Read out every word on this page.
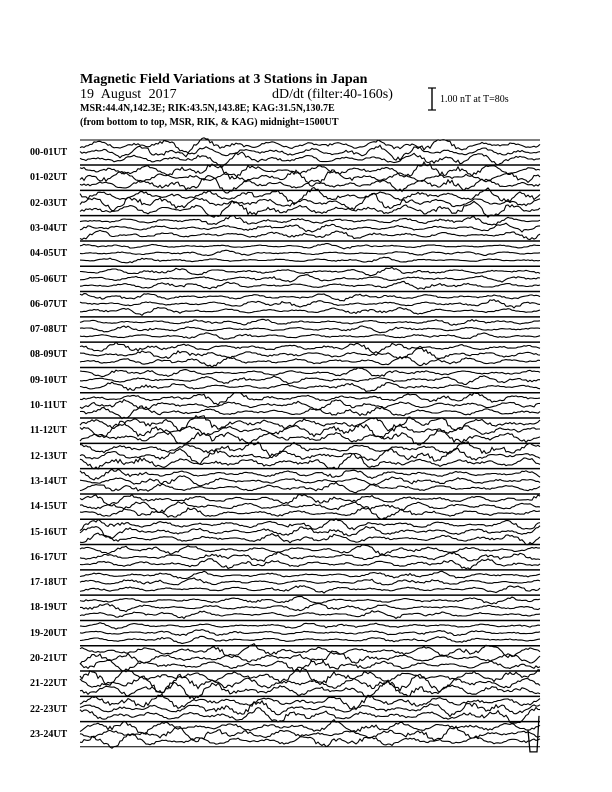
Magnetic Field Variations at 3 Stations in Japan
19 August 2017	dD/dt (filter:40-160s)
MSR:44.4N,142.3E; RIK:43.5N,143.8E; KAG:31.5N,130.7E
(from bottom to top, MSR, RIK, & KAG) midnight=1500UT
1.00 nT at T=80s
00-01UT
01-02UT
02-03UT
03-04UT
04-05UT
05-06UT
06-07UT
07-08UT
08-09UT
09-10UT
10-11UT
11-12UT
12-13UT
13-14UT
14-15UT
15-16UT
16-17UT
17-18UT
18-19UT
19-20UT
20-21UT
21-22UT
22-23UT
23-24UT
